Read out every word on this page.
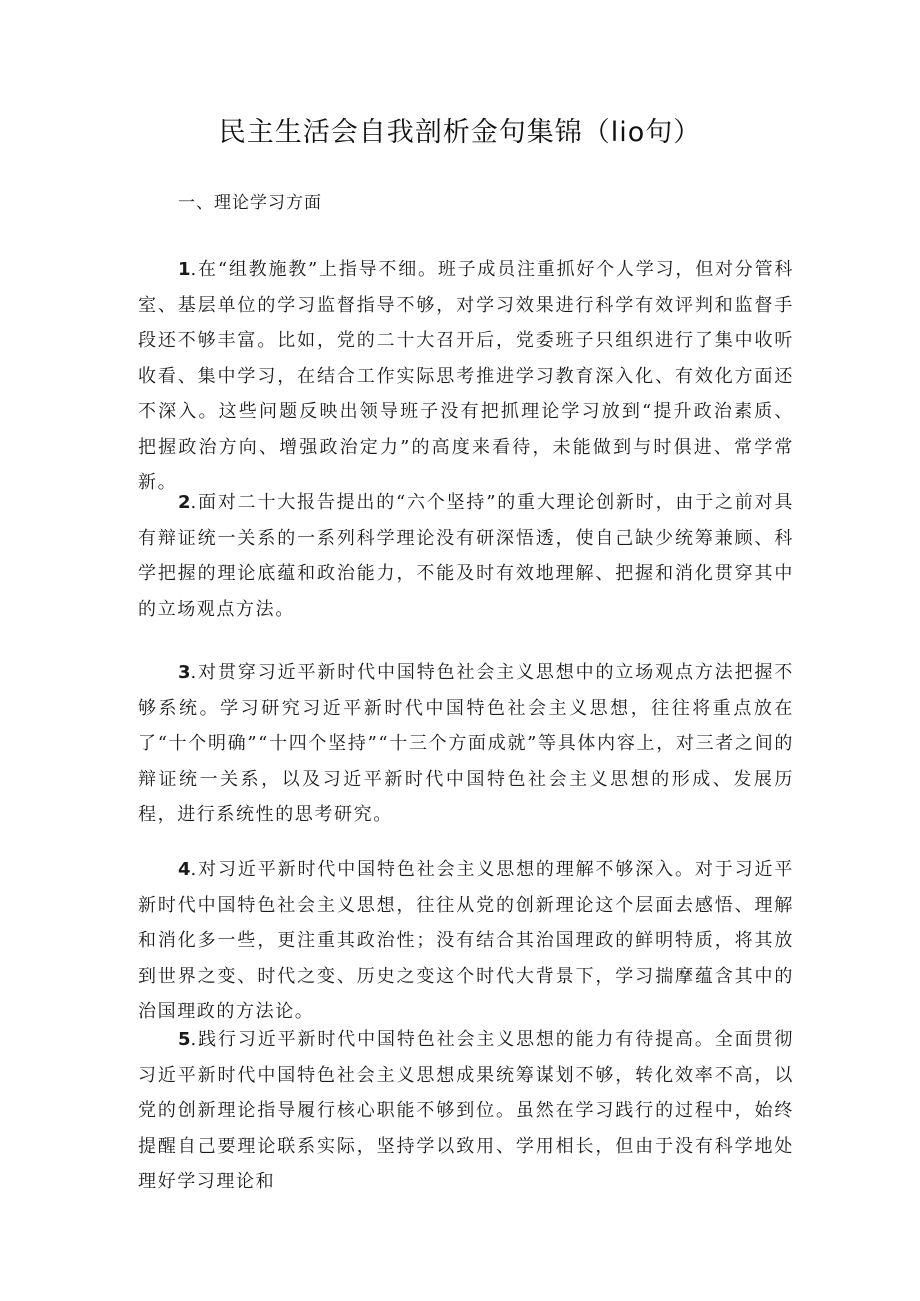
民主生活会自我剖析金句集锦（lio句）
一、理论学习方面

1.在“组教施教”上指导不细。班子成员注重抓好个人学习，但对分管科室、基层单位的学习监督指导不够，对学习效果进行科学有效评判和监督手段还不够丰富。比如，党的二十大召开后，党委班子只组织进行了集中收听收看、集中学习，在结合工作实际思考推进学习教育深入化、有效化方面还不深入。这些问题反映出领导班子没有把抓理论学习放到“提升政治素质、把握政治方向、增强政治定力”的高度来看待，未能做到与时俱进、常学常新。

2.面对二十大报告提出的“六个坚持”的重大理论创新时，由于之前对具有辩证统一关系的一系列科学理论没有研深悟透，使自己缺少统筹兼顾、科学把握的理论底蕴和政治能力，不能及时有效地理解、把握和消化贯穿其中的立场观点方法。

3.对贯穿习近平新时代中国特色社会主义思想中的立场观点方法把握不够系统。学习研究习近平新时代中国特色社会主义思想，往往将重点放在了“十个明确”“十四个坚持”“十三个方面成就”等具体内容上，对三者之间的辩证统一关系，以及习近平新时代中国特色社会主义思想的形成、发展历程，进行系统性的思考研究。

4.对习近平新时代中国特色社会主义思想的理解不够深入。对于习近平新时代中国特色社会主义思想，往往从党的创新理论这个层面去感悟、理解和消化多一些，更注重其政治性；没有结合其治国理政的鲜明特质，将其放到世界之变、时代之变、历史之变这个时代大背景下，学习揣摩蕴含其中的治国理政的方法论。

5.践行习近平新时代中国特色社会主义思想的能力有待提高。全面贯彻习近平新时代中国特色社会主义思想成果统筹谋划不够，转化效率不高，以党的创新理论指导履行核心职能不够到位。虽然在学习践行的过程中，始终提醒自己要理论联系实际，坚持学以致用、学用相长，但由于没有科学地处理好学习理论和
